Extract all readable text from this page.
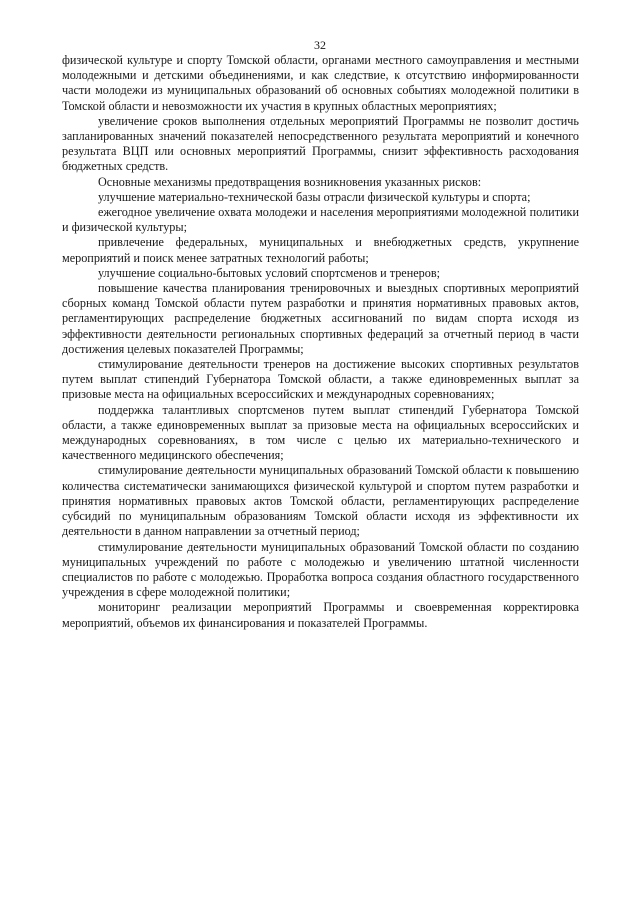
32

физической культуре и спорту Томской области, органами местного самоуправления и местными молодежными и детскими объединениями, и как следствие, к отсутствию информированности части молодежи из муниципальных образований об основных событиях молодежной политики в Томской области и невозможности их участия в крупных областных мероприятиях;

увеличение сроков выполнения отдельных мероприятий Программы не позволит достичь запланированных значений показателей непосредственного результата мероприятий и конечного результата ВЦП или основных мероприятий Программы, снизит эффективность расходования бюджетных средств.

Основные механизмы предотвращения возникновения указанных рисков:

улучшение материально-технической базы отрасли физической культуры и спорта;

ежегодное увеличение охвата молодежи и населения мероприятиями молодежной политики и физической культуры;

привлечение федеральных, муниципальных и внебюджетных средств, укрупнение мероприятий и поиск менее затратных технологий работы;

улучшение социально-бытовых условий спортсменов и тренеров;

повышение качества планирования тренировочных и выездных спортивных мероприятий сборных команд Томской области путем разработки и принятия нормативных правовых актов, регламентирующих распределение бюджетных ассигнований по видам спорта исходя из эффективности деятельности региональных спортивных федераций за отчетный период в части достижения целевых показателей Программы;

стимулирование деятельности тренеров на достижение высоких спортивных результатов путем выплат стипендий Губернатора Томской области, а также единовременных выплат за призовые места на официальных всероссийских и международных соревнованиях;

поддержка талантливых спортсменов путем выплат стипендий Губернатора Томской области, а также единовременных выплат за призовые места на официальных всероссийских и международных соревнованиях, в том числе с целью их материально-технического и качественного медицинского обеспечения;

стимулирование деятельности муниципальных образований Томской области к повышению количества систематически занимающихся физической культурой и спортом путем разработки и принятия нормативных правовых актов Томской области, регламентирующих распределение субсидий по муниципальным образованиям Томской области исходя из эффективности их деятельности в данном направлении за отчетный период;

стимулирование деятельности муниципальных образований Томской области по созданию муниципальных учреждений по работе с молодежью и увеличению штатной численности специалистов по работе с молодежью. Проработка вопроса создания областного государственного учреждения в сфере молодежной политики;

мониторинг реализации мероприятий Программы и своевременная корректировка мероприятий, объемов их финансирования и показателей Программы.
